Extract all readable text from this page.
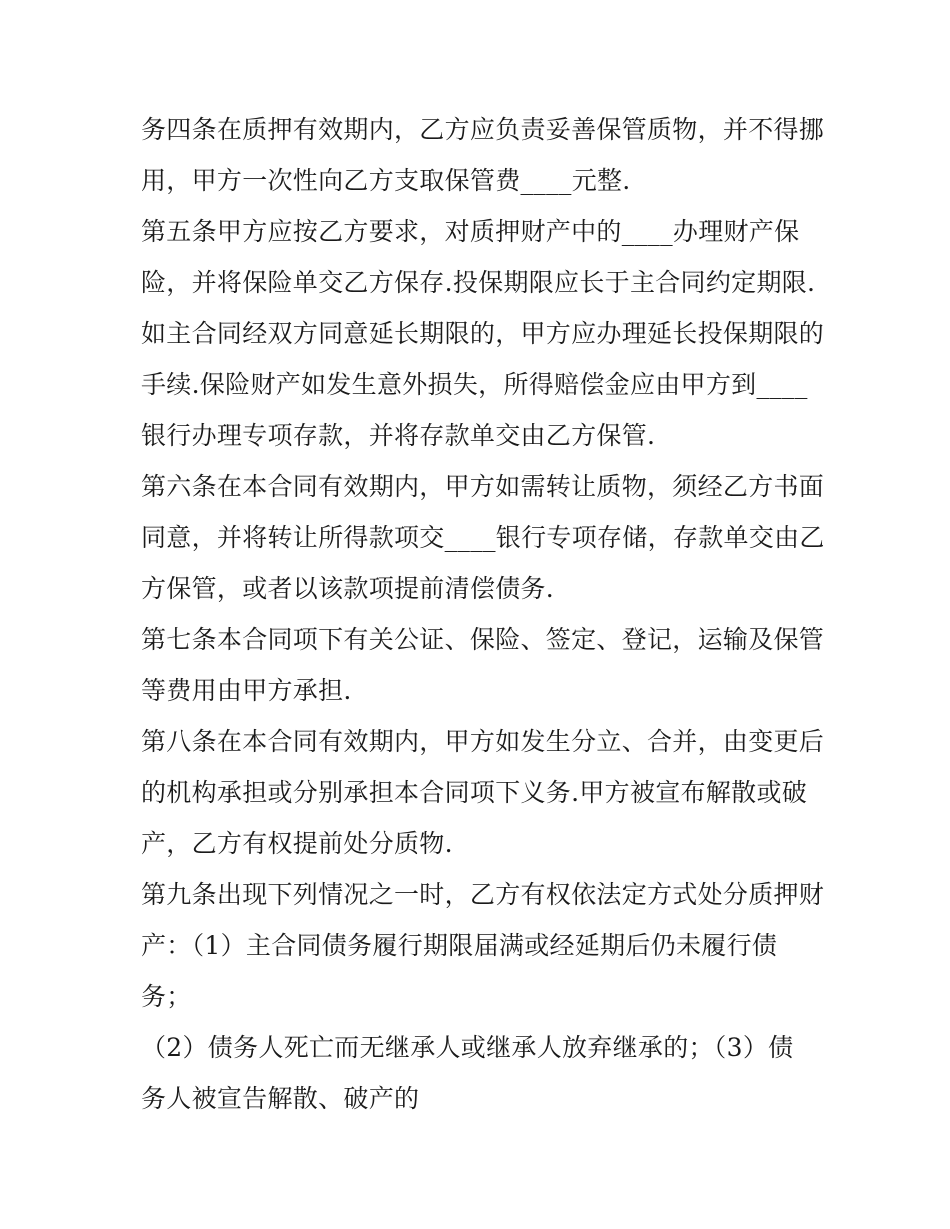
务四条在质押有效期内，乙方应负责妥善保管质物，并不得挪
用，甲方一次性向乙方支取保管费____元整.
第五条甲方应按乙方要求，对质押财产中的____办理财产保
险，并将保险单交乙方保存.投保期限应长于主合同约定期限.
如主合同经双方同意延长期限的，甲方应办理延长投保期限的
手续.保险财产如发生意外损失，所得赔偿金应由甲方到____
银行办理专项存款，并将存款单交由乙方保管.
第六条在本合同有效期内，甲方如需转让质物，须经乙方书面
同意，并将转让所得款项交____银行专项存储，存款单交由乙
方保管，或者以该款项提前清偿债务.
第七条本合同项下有关公证、保险、签定、登记，运输及保管
等费用由甲方承担.
第八条在本合同有效期内，甲方如发生分立、合并，由变更后
的机构承担或分别承担本合同项下义务.甲方被宣布解散或破
产，乙方有权提前处分质物.
第九条出现下列情况之一时，乙方有权依法定方式处分质押财
产：（1）主合同债务履行期限届满或经延期后仍未履行债
务；
（2）债务人死亡而无继承人或继承人放弃继承的；（3）债
务人被宣告解散、破产的
